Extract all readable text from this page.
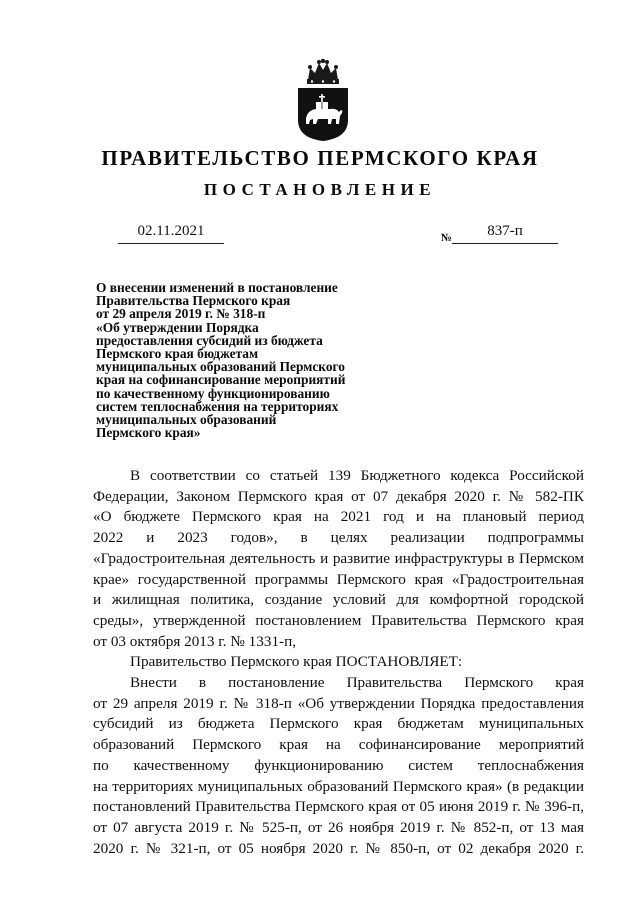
ПРАВИТЕЛЬСТВО ПЕРМСКОГО КРАЯ
ПОСТАНОВЛЕНИЕ
02.11.2021	№	837-п
О внесении изменений в постановление
Правительства Пермского края
от 29 апреля 2019 г. № 318-п
«Об утверждении Порядка
предоставления субсидий из бюджета
Пермского края бюджетам
муниципальных образований Пермского
края на софинансирование мероприятий
по качественному функционированию
систем теплоснабжения на территориях
муниципальных образований
Пермского края»
В соответствии со статьей 139 Бюджетного кодекса Российской
Федерации, Законом Пермского края от 07 декабря 2020 г. № 582-ПК
«О бюджете Пермского края на 2021 год и на плановый период
2022 и 2023 годов», в целях реализации подпрограммы
«Градостроительная деятельность и развитие инфраструктуры в Пермском
крае» государственной программы Пермского края «Градостроительная
и жилищная политика, создание условий для комфортной городской
среды», утвержденной постановлением Правительства Пермского края
от 03 октября 2013 г. № 1331-п,
Правительство Пермского края ПОСТАНОВЛЯЕТ:
Внести в постановление Правительства Пермского края
от 29 апреля 2019 г. № 318-п «Об утверждении Порядка предоставления
субсидий из бюджета Пермского края бюджетам муниципальных
образований Пермского края на софинансирование мероприятий
по качественному функционированию систем теплоснабжения
на территориях муниципальных образований Пермского края» (в редакции
постановлений Правительства Пермского края от 05 июня 2019 г. № 396-п,
от 07 августа 2019 г. № 525-п, от 26 ноября 2019 г. № 852-п, от 13 мая
2020 г. № 321-п, от 05 ноября 2020 г. № 850-п, от 02 декабря 2020 г.
